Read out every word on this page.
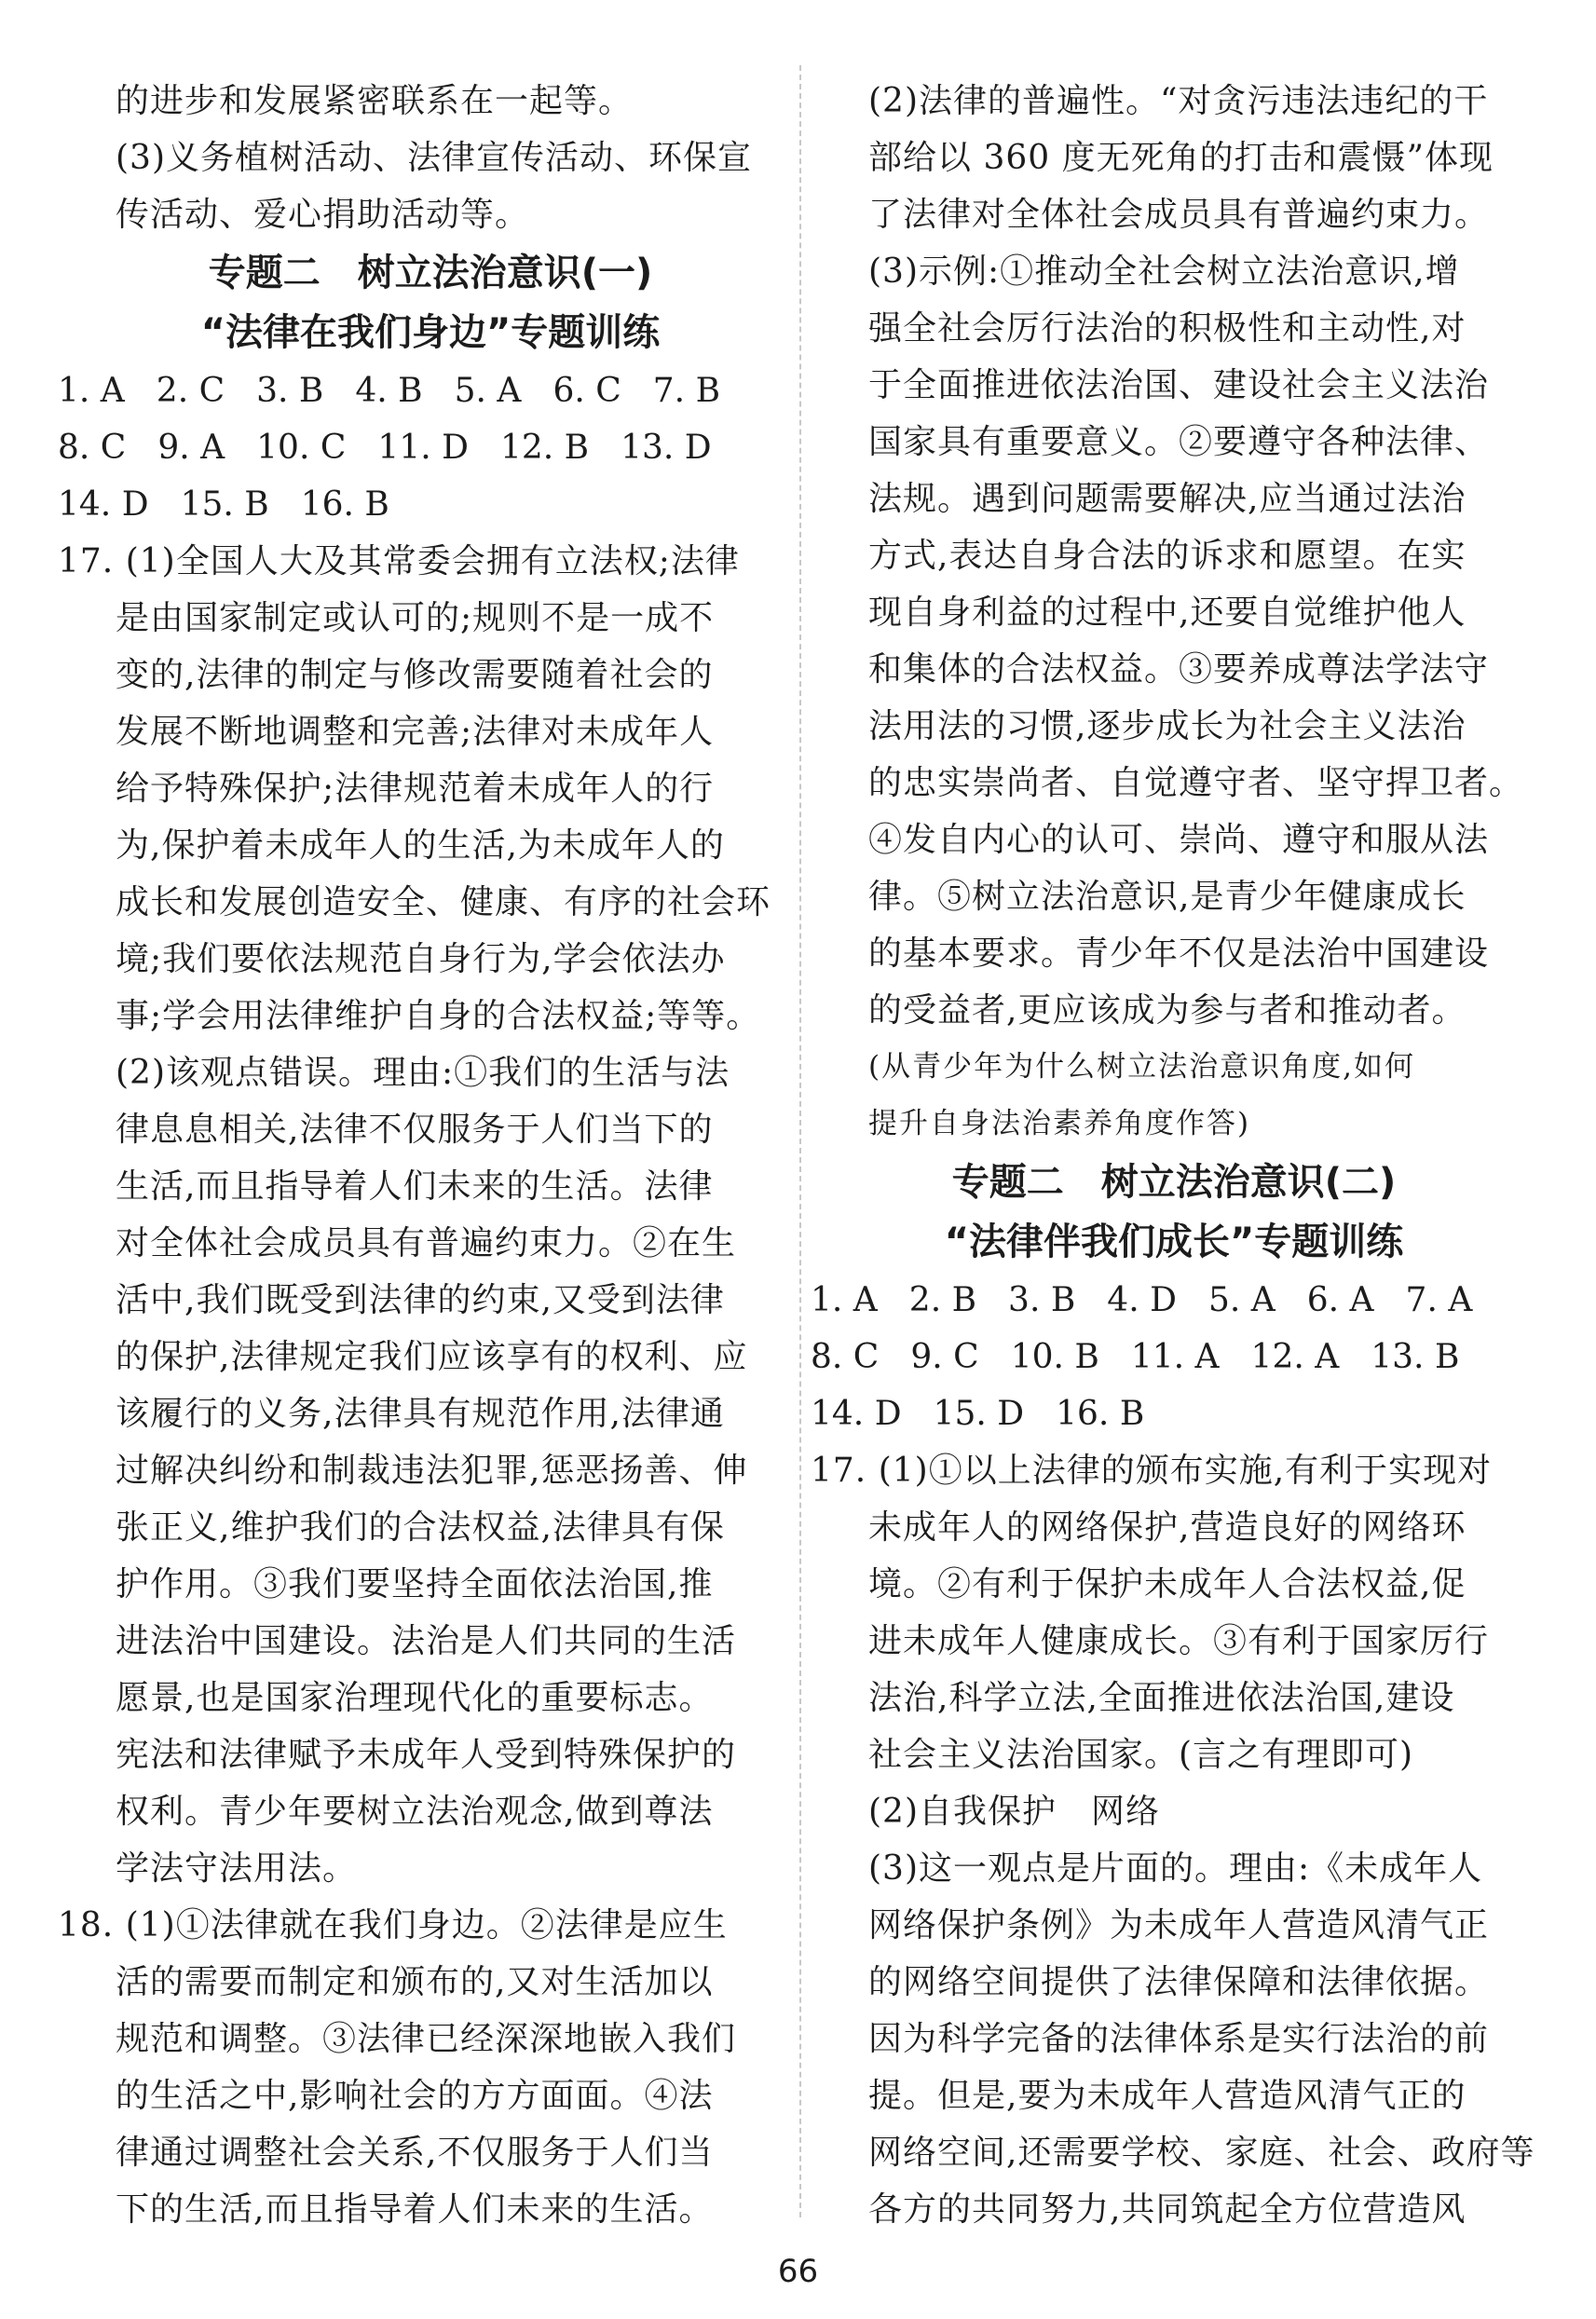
的进步和发展紧密联系在一起等。
(3)义务植树活动、法律宣传活动、环保宣
传活动、爱心捐助活动等。
专题二　树立法治意识(一)
“法律在我们身边”专题训练
1. A 2. C 3. B 4. B 5. A 6. C 7. B
8. C 9. A 10. C 11. D 12. B 13. D
14. D 15. B 16. B
17. (1)全国人大及其常委会拥有立法权;法律
是由国家制定或认可的;规则不是一成不
变的,法律的制定与修改需要随着社会的
发展不断地调整和完善;法律对未成年人
给予特殊保护;法律规范着未成年人的行
为,保护着未成年人的生活,为未成年人的
成长和发展创造安全、健康、有序的社会环
境;我们要依法规范自身行为,学会依法办
事;学会用法律维护自身的合法权益;等等。
(2)该观点错误。理由:①我们的生活与法
律息息相关,法律不仅服务于人们当下的
生活,而且指导着人们未来的生活。法律
对全体社会成员具有普遍约束力。②在生
活中,我们既受到法律的约束,又受到法律
的保护,法律规定我们应该享有的权利、应
该履行的义务,法律具有规范作用,法律通
过解决纠纷和制裁违法犯罪,惩恶扬善、伸
张正义,维护我们的合法权益,法律具有保
护作用。③我们要坚持全面依法治国,推
进法治中国建设。法治是人们共同的生活
愿景,也是国家治理现代化的重要标志。
宪法和法律赋予未成年人受到特殊保护的
权利。青少年要树立法治观念,做到尊法
学法守法用法。
18. (1)①法律就在我们身边。②法律是应生
活的需要而制定和颁布的,又对生活加以
规范和调整。③法律已经深深地嵌入我们
的生活之中,影响社会的方方面面。④法
律通过调整社会关系,不仅服务于人们当
下的生活,而且指导着人们未来的生活。
(2)法律的普遍性。“对贪污违法违纪的干
部给以 360 度无死角的打击和震慑”体现
了法律对全体社会成员具有普遍约束力。
(3)示例:①推动全社会树立法治意识,增
强全社会厉行法治的积极性和主动性,对
于全面推进依法治国、建设社会主义法治
国家具有重要意义。②要遵守各种法律、
法规。遇到问题需要解决,应当通过法治
方式,表达自身合法的诉求和愿望。在实
现自身利益的过程中,还要自觉维护他人
和集体的合法权益。③要养成尊法学法守
法用法的习惯,逐步成长为社会主义法治
的忠实崇尚者、自觉遵守者、坚守捍卫者。
④发自内心的认可、崇尚、遵守和服从法
律。⑤树立法治意识,是青少年健康成长
的基本要求。青少年不仅是法治中国建设
的受益者,更应该成为参与者和推动者。
(从青少年为什么树立法治意识角度,如何
提升自身法治素养角度作答)
专题二　树立法治意识(二)
“法律伴我们成长”专题训练
1. A 2. B 3. B 4. D 5. A 6. A 7. A
8. C 9. C 10. B 11. A 12. A 13. B
14. D 15. D 16. B
17. (1)①以上法律的颁布实施,有利于实现对
未成年人的网络保护,营造良好的网络环
境。②有利于保护未成年人合法权益,促
进未成年人健康成长。③有利于国家厉行
法治,科学立法,全面推进依法治国,建设
社会主义法治国家。(言之有理即可)
(2)自我保护　网络
(3)这一观点是片面的。理由:《未成年人
网络保护条例》为未成年人营造风清气正
的网络空间提供了法律保障和法律依据。
因为科学完备的法律体系是实行法治的前
提。但是,要为未成年人营造风清气正的
网络空间,还需要学校、家庭、社会、政府等
各方的共同努力,共同筑起全方位营造风
66
